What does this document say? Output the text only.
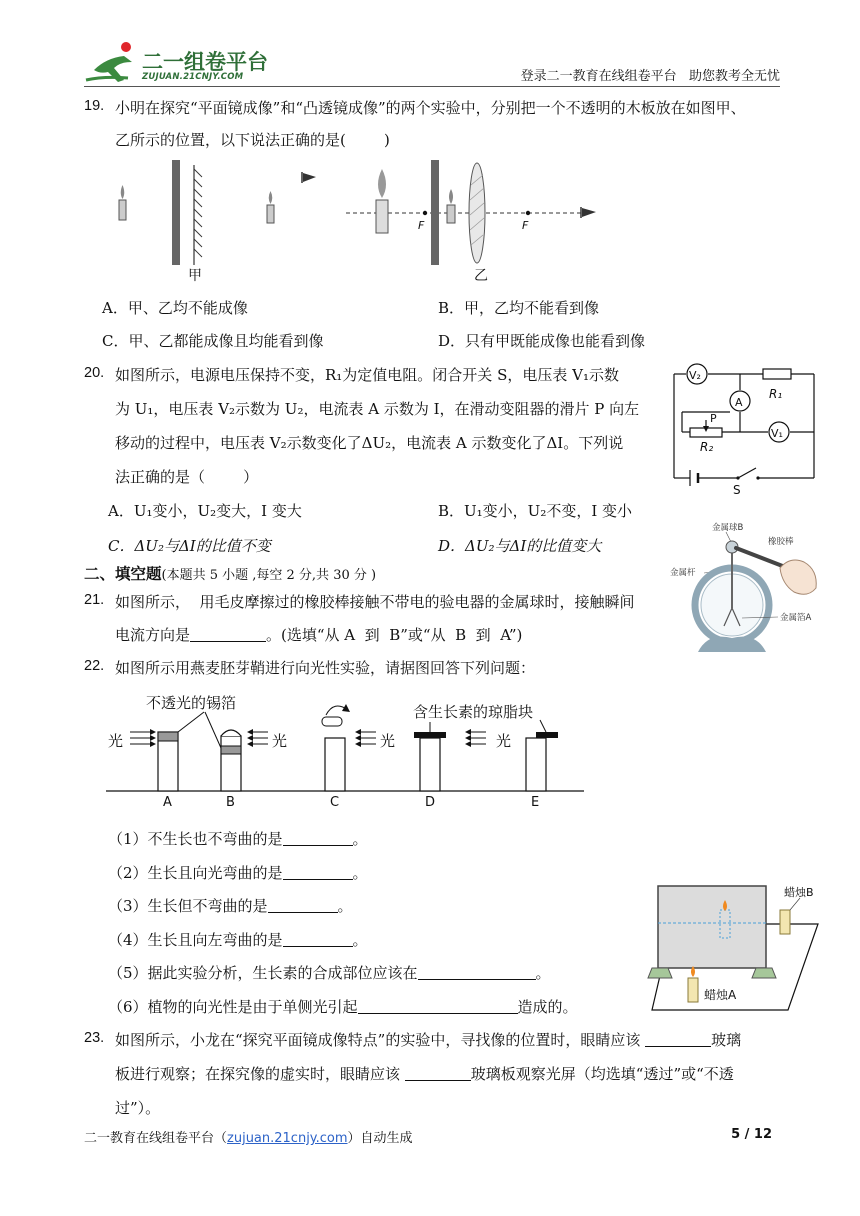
二一组卷平台
ZUJUAN.21CNJY.COM	登录二一教育在线组卷平台   助您教考全无忧
19. 小明在探究“平面镜成像”和“凸透镜成像”的两个实验中，分别把一个不透明的木板放在如图甲、
乙所示的位置，以下说法正确的是(        )
甲
F	F
乙
A．甲、乙均不能成像	B．甲，乙均不能看到像
C．甲、乙都能成像且均能看到像	D．只有甲既能成像也能看到像
20. 如图所示，电源电压保持不变，R₁为定值电阻。闭合开关 S，电压表 V₁示数
为 U₁，电压表 V₂示数为 U₂，电流表 A 示数为 I，在滑动变阻器的滑片 P 向左
移动的过程中，电压表 V₂示数变化了ΔU₂，电流表 A 示数变化了ΔI。下列说
法正确的是（        ）
V₂
R₁
A
P
R₂
V₁
S
A．U₁变小，U₂变大，I 变大	B．U₁变小，U₂不变，I 变小
C．ΔU₂与ΔI的比值不变	D．ΔU₂与ΔI的比值变大
二、填空题(本题共 5 小题 ,每空 2 分,共 30 分 )
21. 如图所示，  用毛皮摩擦过的橡胶棒接触不带电的验电器的金属球时，接触瞬间
电流方向是	。(选填“从 A  到  B”或“从  B  到  A”)
金属球B
橡胶棒
金属杆
金属箔A
22. 如图所示用燕麦胚芽鞘进行向光性实验，请据图回答下列问题：
不透光的锡箔	含生长素的琼脂块
光
A
光
B
光
C
光
D	E
（1）不生长也不弯曲的是	。
（2）生长且向光弯曲的是	。
（3）生长但不弯曲的是	。
（4）生长且向左弯曲的是	。
（5）据此实验分析，生长素的合成部位应该在	。
（6）植物的向光性是由于单侧光引起	造成的。
蜡烛B
蜡烛A
23. 如图所示，小龙在“探究平面镜成像特点”的实验中，寻找像的位置时，眼睛应该	玻璃
板进行观察；在探究像的虚实时，眼睛应该	玻璃板观察光屏（均选填“透过”或“不透
过”）。
二一教育在线组卷平台（zujuan.21cnjy.com）自动生成	5 / 12
